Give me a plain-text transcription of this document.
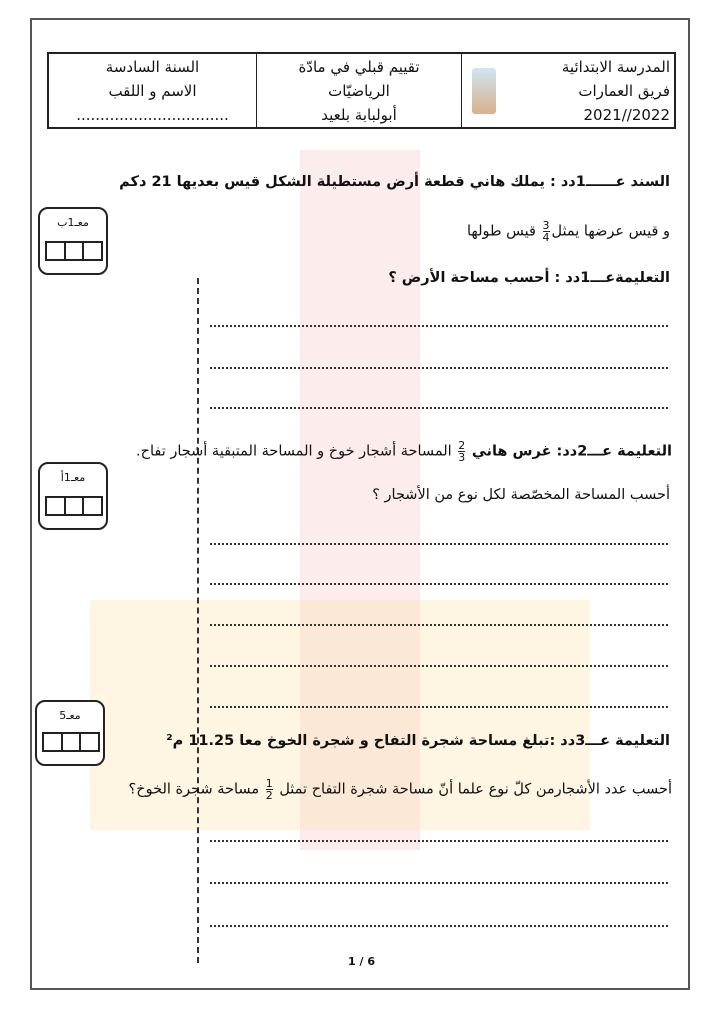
المدرسة الابتدائية
فريق العمارات
2022//2021
تقييم قبلي في مادّة
الرياضيّات
أبولبابة بلعيد
السنة السادسة
الاسم و اللقب
................................
السند عــــــ1دد : يملك هاني قطعة أرض مستطيلة الشكل قيس بعديها 21 دكم
و قيس عرضها يمثل
$\frac{3}{4}$ قيس طولها
التعليمةعـــ1دد : أحسب مساحة الأرض ؟
معـ1ب
التعليمة عـــ2دد: غرس هاني
$\frac{2}{3}$ المساحة أشجار خوخ و المساحة المتبقية أشجار تفاح.
أحسب المساحة المخصّصة لكل نوع من الأشجار ؟
معـ1أ
التعليمة عـــ3دد :تبلغ مساحة شجرة التفاح و شجرة الخوخ معا 11.25 م²
أحسب عدد الأشجارمن كلّ نوع علما أنّ مساحة شجرة التفاح تمثل
$\frac{1}{2}$ مساحة شجرة الخوخ؟
معـ5
1 / 6
